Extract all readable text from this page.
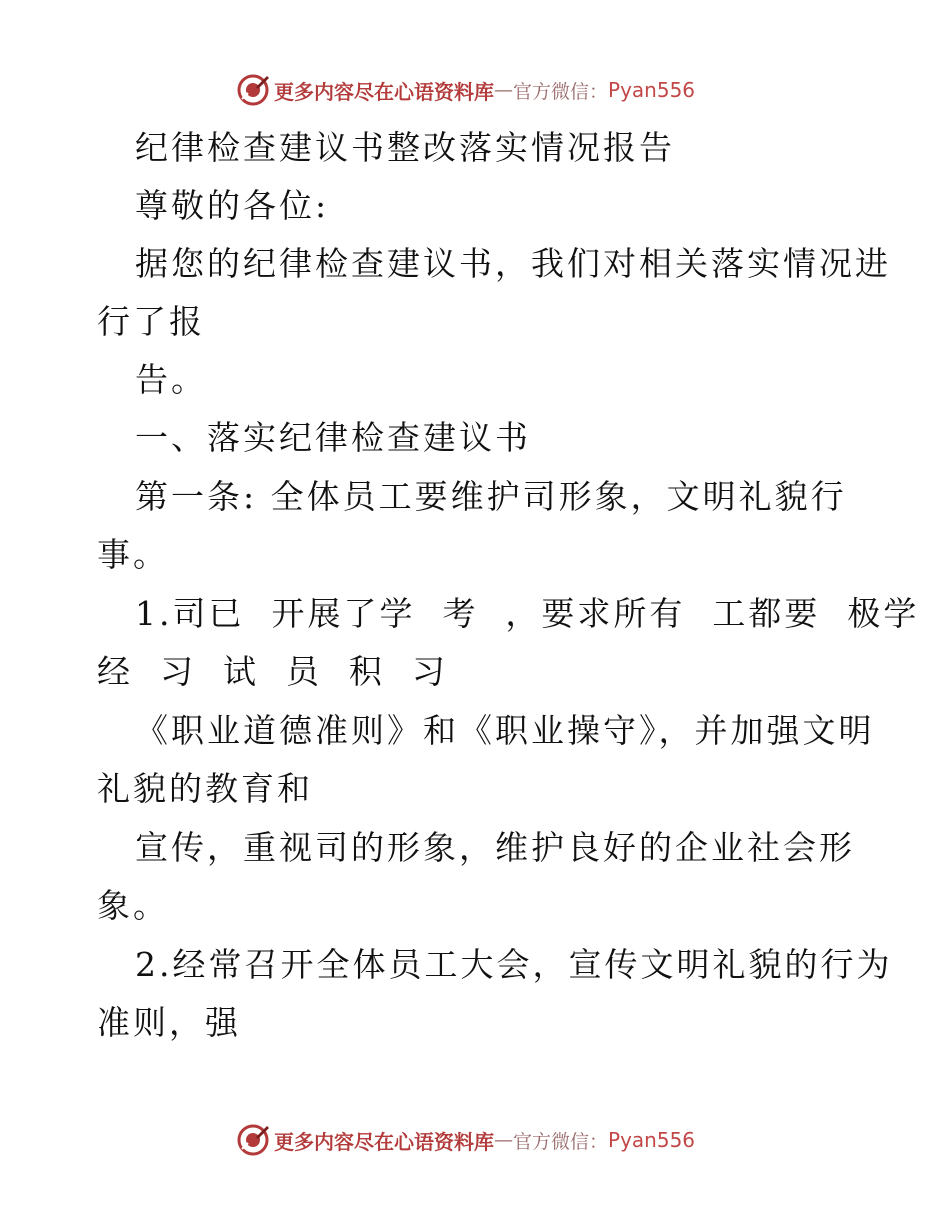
更多内容尽在心语资料库 — 官方微信： Pyan556
纪律检查建议书整改落实情况报告
尊敬的各位:
据您的纪律检查建议书，我们对相关落实情况进
行了报
告。
一、落实纪律检查建议书
第一条: 全体员工要维护司形象，文明礼貌行
事。
1.司已  开展了学  考  ，要求所有  工都要  极学
经  习  试  员  积  习
《职业道德准则》和《职业操守》，并加强文明
礼貌的教育和
宣传，重视司的形象，维护良好的企业社会形
象。
2.经常召开全体员工大会，宣传文明礼貌的行为
准则，强
更多内容尽在心语资料库 — 官方微信： Pyan556
